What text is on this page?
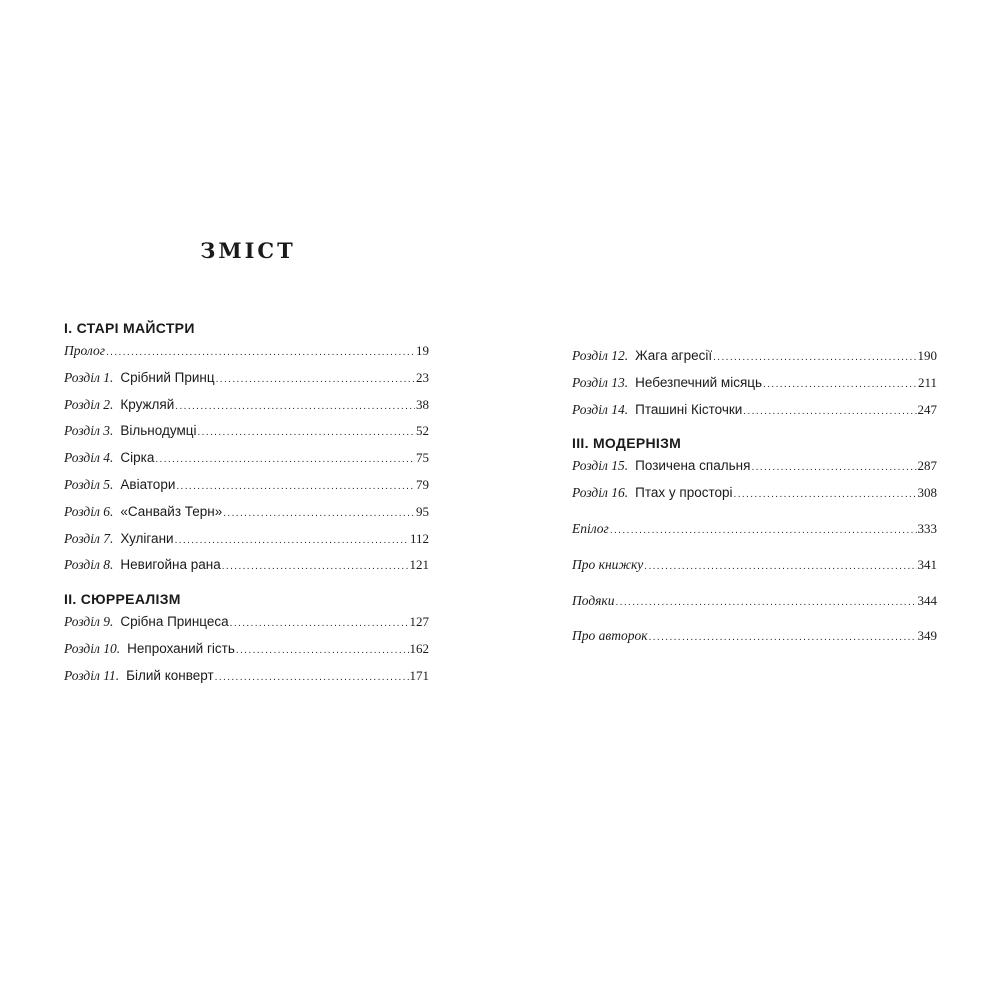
ЗМІСТ
I. СТАРІ МАЙСТРИ
Пролог .....	19
Розділ 1. Срібний Принц .....	23
Розділ 2. Кружляй .....	38
Розділ 3. Вільнодумці .....	52
Розділ 4. Сірка .....	75
Розділ 5. Авіатори .....	79
Розділ 6. «Санвайз Терн» .....	95
Розділ 7. Хулігани .....	112
Розділ 8. Невигойна рана .....	121
II. СЮРРЕАЛІЗМ
Розділ 9. Срібна Принцеса .....	127
Розділ 10. Непроханий гість .....	162
Розділ 11. Білий конверт .....	171
Розділ 12. Жага агресії .....	190
Розділ 13. Небезпечний місяць .....	211
Розділ 14. Пташині Кісточки .....	247
III. МОДЕРНІЗМ
Розділ 15. Позичена спальня .....	287
Розділ 16. Птах у просторі .....	308
Епілог .....	333
Про книжку .....	341
Подяки .....	344
Про авторок .....	349
